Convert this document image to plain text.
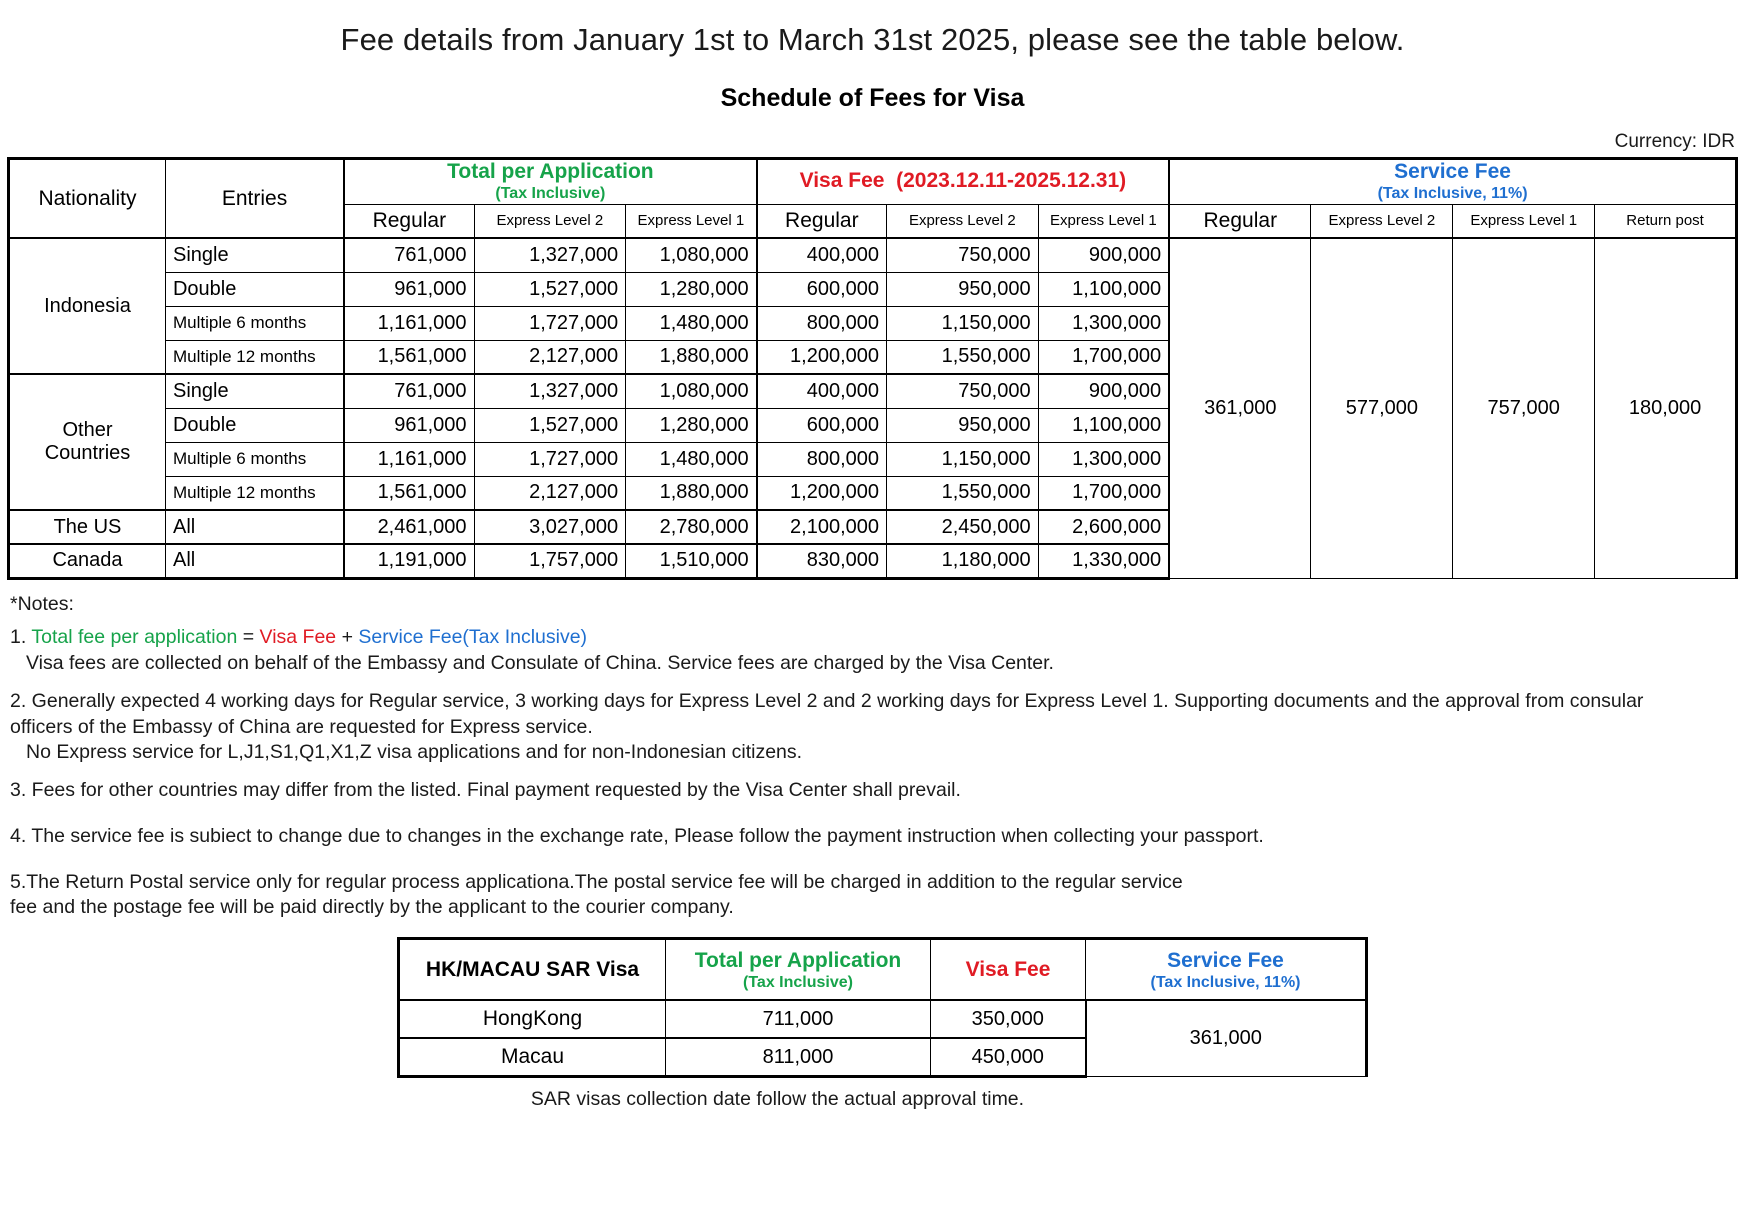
Fee details from January 1st to March 31st 2025, please see the table below.
Schedule of Fees for Visa
Currency: IDR
Nationality	Entries	
Total per Application
(Tax Inclusive)

Visa Fee (2023.12.11-2025.12.31)	Service Fee
(Tax Inclusive, 11%)

		Regular	Express Level 2	Express Level 1	Regular	Express Level 2	Express Level 1	Regular	Express Level 2	Express Level 1	Return post
Indonesia	Single	761,000	1,327,000	1,080,000	400,000	750,000	900,000	361,000	577,000	757,000	180,000
	Double	961,000	1,527,000	1,280,000	600,000	950,000	1,100,000				
	Multiple 6 months	1,161,000	1,727,000	1,480,000	800,000	1,150,000	1,300,000				
	Multiple 12 months	1,561,000	2,127,000	1,880,000	1,200,000	1,550,000	1,700,000				

Other
Countries	Single	761,000	1,327,000	1,080,000	400,000	750,000	900,000				
	Double	961,000	1,527,000	1,280,000	600,000	950,000	1,100,000				
	Multiple 6 months	1,161,000	1,727,000	1,480,000	800,000	1,150,000	1,300,000				
	Multiple 12 months	1,561,000	2,127,000	1,880,000	1,200,000	1,550,000	1,700,000				
The US	All	2,461,000	3,027,000	2,780,000	2,100,000	2,450,000	2,600,000				
Canada	All	1,191,000	1,757,000	1,510,000	830,000	1,180,000	1,330,000				
*Notes:
1. Total fee per application = Visa Fee + Service Fee(Tax Inclusive)
Visa fees are collected on behalf of the Embassy and Consulate of China. Service fees are charged by the Visa Center.
2. Generally expected 4 working days for Regular service, 3 working days for Express Level 2 and 2 working days for Express Level 1. Supporting documents and the approval from consular
officers of the Embassy of China are requested for Express service.
No Express service for L,J1,S1,Q1,X1,Z visa applications and for non-Indonesian citizens.
3. Fees for other countries may differ from the listed. Final payment requested by the Visa Center shall prevail.
4. The service fee is subiect to change due to changes in the exchange rate, Please follow the payment instruction when collecting your passport.
5.The Return Postal service only for regular process applicationa.The postal service fee will be charged in addition to the regular service
fee and the postage fee will be paid directly by the applicant to the courier company.
HK/MACAU SAR Visa	Total per Application
(Tax Inclusive)
	Visa Fee	Service Fee
(Tax Inclusive, 11%)

HongKong	711,000	350,000	361,000
Macau	811,000	450,000	
SAR visas collection date follow the actual approval time.
